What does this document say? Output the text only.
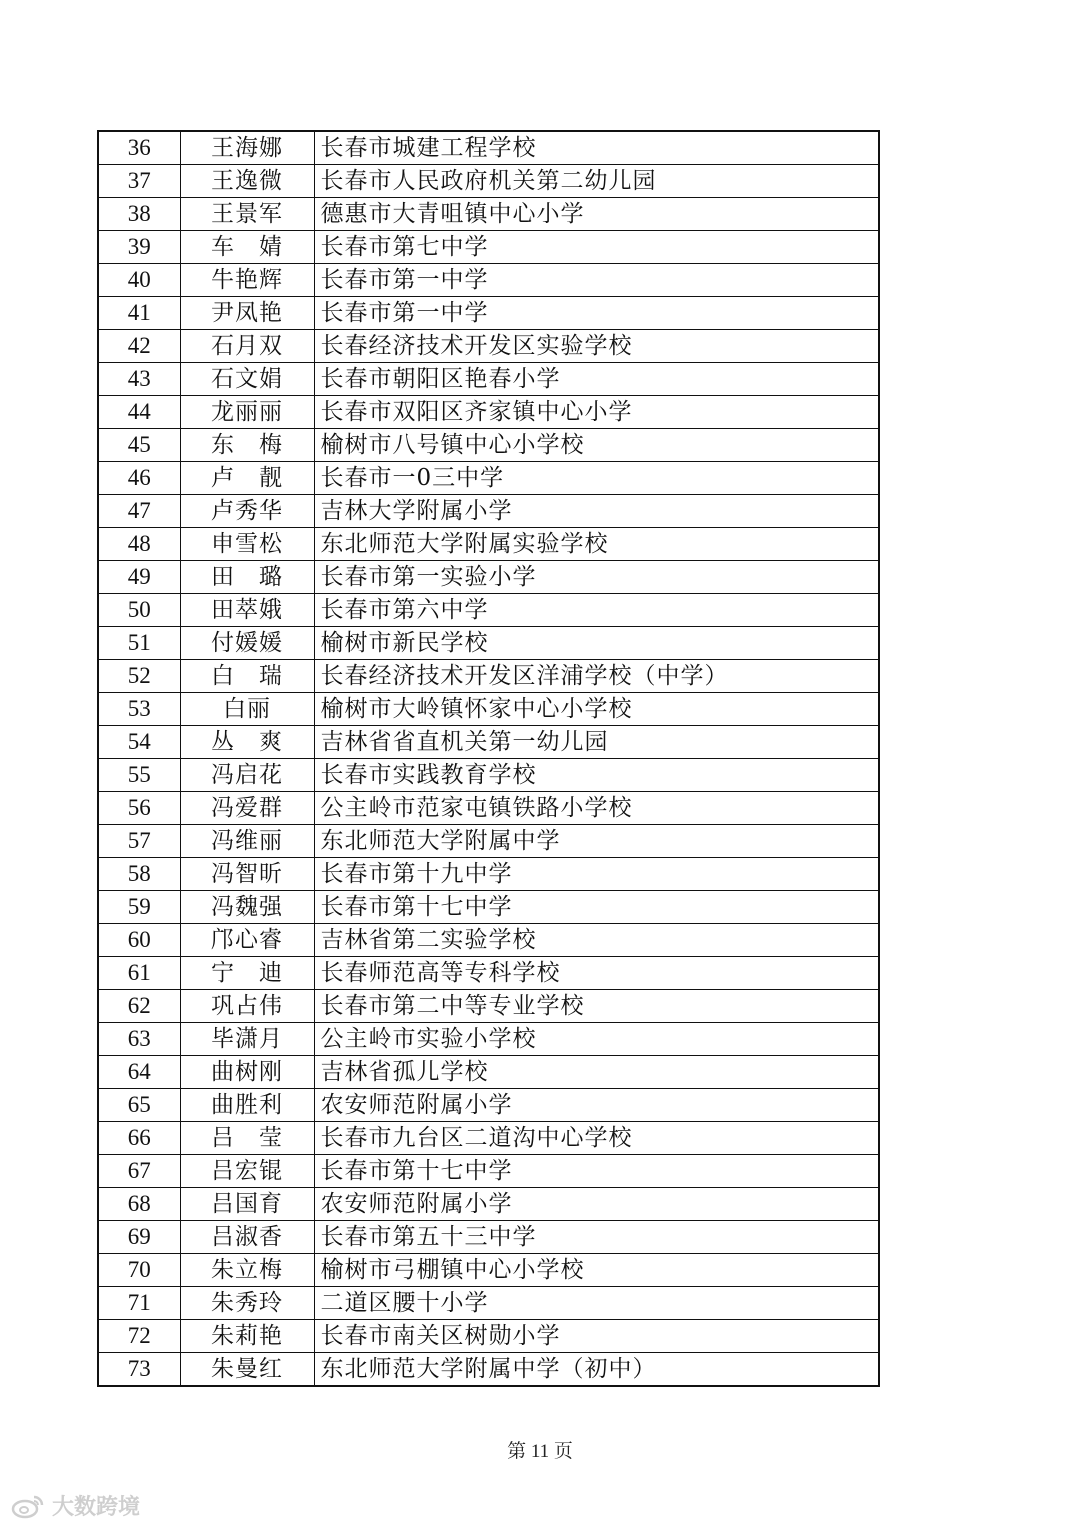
36	王海娜	长春市城建工程学校
37	王逸微	长春市人民政府机关第二幼儿园
38	王景军	德惠市大青咀镇中心小学
39	车　婧	长春市第七中学
40	牛艳辉	长春市第一中学
41	尹凤艳	长春市第一中学
42	石月双	长春经济技术开发区实验学校
43	石文娟	长春市朝阳区艳春小学
44	龙丽丽	长春市双阳区齐家镇中心小学
45	东　梅	榆树市八号镇中心小学校
46	卢　靓	长春市一0三中学
47	卢秀华	吉林大学附属小学
48	申雪松	东北师范大学附属实验学校
49	田　璐	长春市第一实验小学
50	田萃娥	长春市第六中学
51	付媛媛	榆树市新民学校
52	白　瑞	长春经济技术开发区洋浦学校（中学）
53	白丽	榆树市大岭镇怀家中心小学校
54	丛　爽	吉林省省直机关第一幼儿园
55	冯启花	长春市实践教育学校
56	冯爱群	公主岭市范家屯镇铁路小学校
57	冯维丽	东北师范大学附属中学
58	冯智昕	长春市第十九中学
59	冯魏强	长春市第十七中学
60	邝心睿	吉林省第二实验学校
61	宁　迪	长春师范高等专科学校
62	巩占伟	长春市第二中等专业学校
63	毕潇月	公主岭市实验小学校
64	曲树刚	吉林省孤儿学校
65	曲胜利	农安师范附属小学
66	吕　莹	长春市九台区二道沟中心学校
67	吕宏锟	长春市第十七中学
68	吕国育	农安师范附属小学
69	吕淑香	长春市第五十三中学
70	朱立梅	榆树市弓棚镇中心小学校
71	朱秀玲	二道区腰十小学
72	朱莉艳	长春市南关区树勋小学
73	朱曼红	东北师范大学附属中学（初中）
第 11 页
大数跨境
